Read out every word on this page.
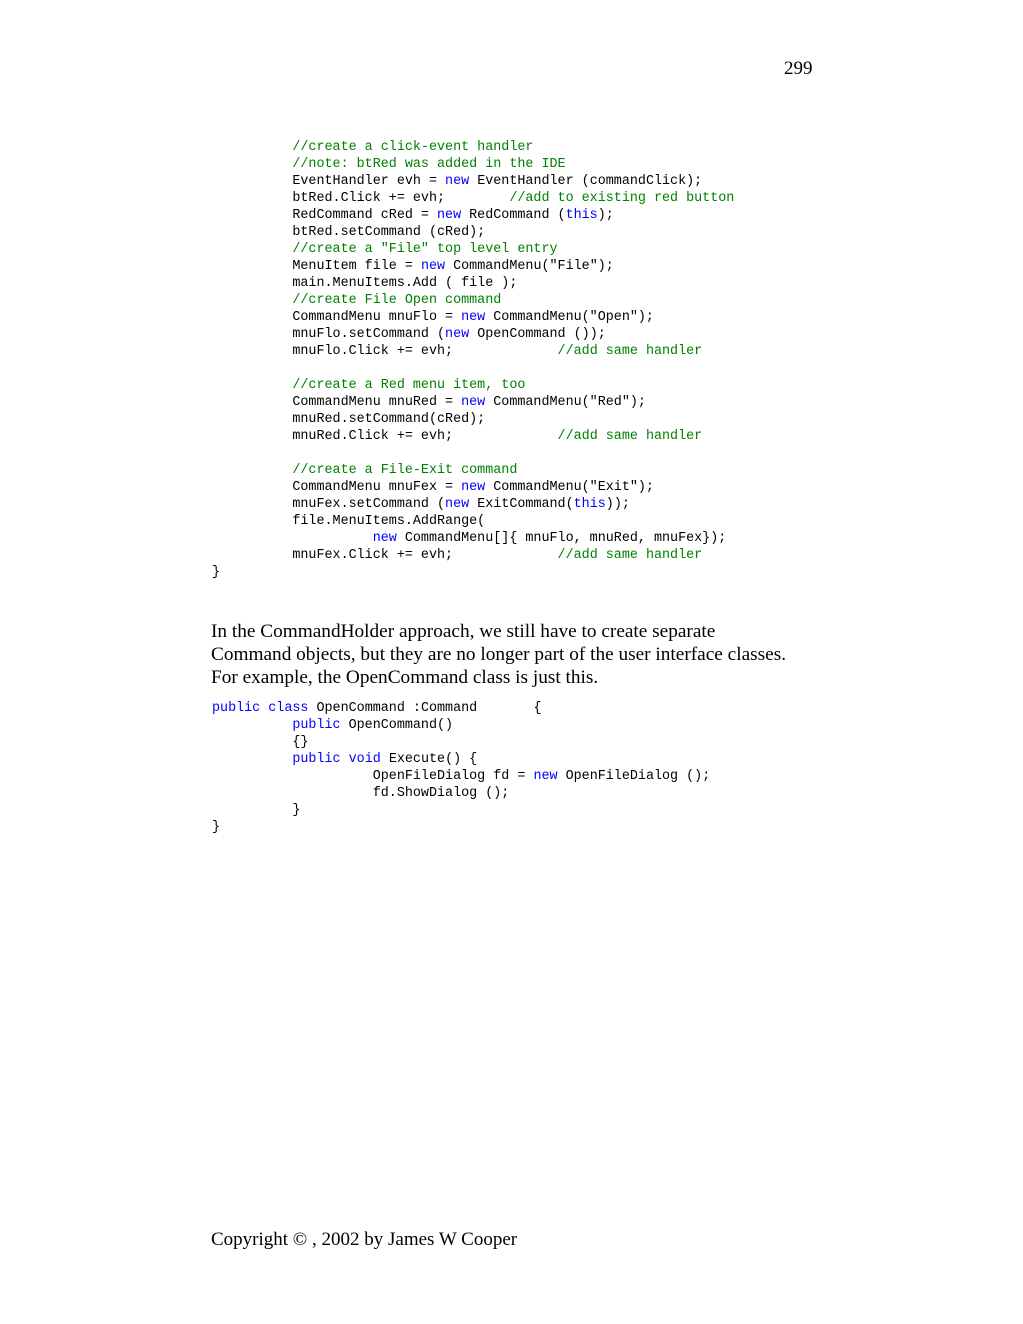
299
//create a click-event handler
//note: btRed was added in the IDE
EventHandler evh = new EventHandler (commandClick);
btRed.Click += evh;        //add to existing red button
RedCommand cRed = new RedCommand (this);
btRed.setCommand (cRed);
//create a "File" top level entry
MenuItem file = new CommandMenu("File");
main.MenuItems.Add ( file );
//create File Open command
CommandMenu mnuFlo = new CommandMenu("Open");
mnuFlo.setCommand (new OpenCommand ());
mnuFlo.Click += evh;             //add same handler
//create a Red menu item, too
CommandMenu mnuRed = new CommandMenu("Red");
mnuRed.setCommand(cRed);
mnuRed.Click += evh;             //add same handler
//create a File-Exit command
CommandMenu mnuFex = new CommandMenu("Exit");
mnuFex.setCommand (new ExitCommand(this));
file.MenuItems.AddRange(
new CommandMenu[]{ mnuFlo, mnuRed, mnuFex});
mnuFex.Click += evh;             //add same handler
}
In the CommandHolder approach, we still have to create separate
Command objects, but they are no longer part of the user interface classes.
For example, the OpenCommand class is just this.
public class OpenCommand :Command       {
public OpenCommand()
{}
public void Execute() {
OpenFileDialog fd = new OpenFileDialog ();
fd.ShowDialog ();
}
}
Copyright © , 2002 by James W Cooper
